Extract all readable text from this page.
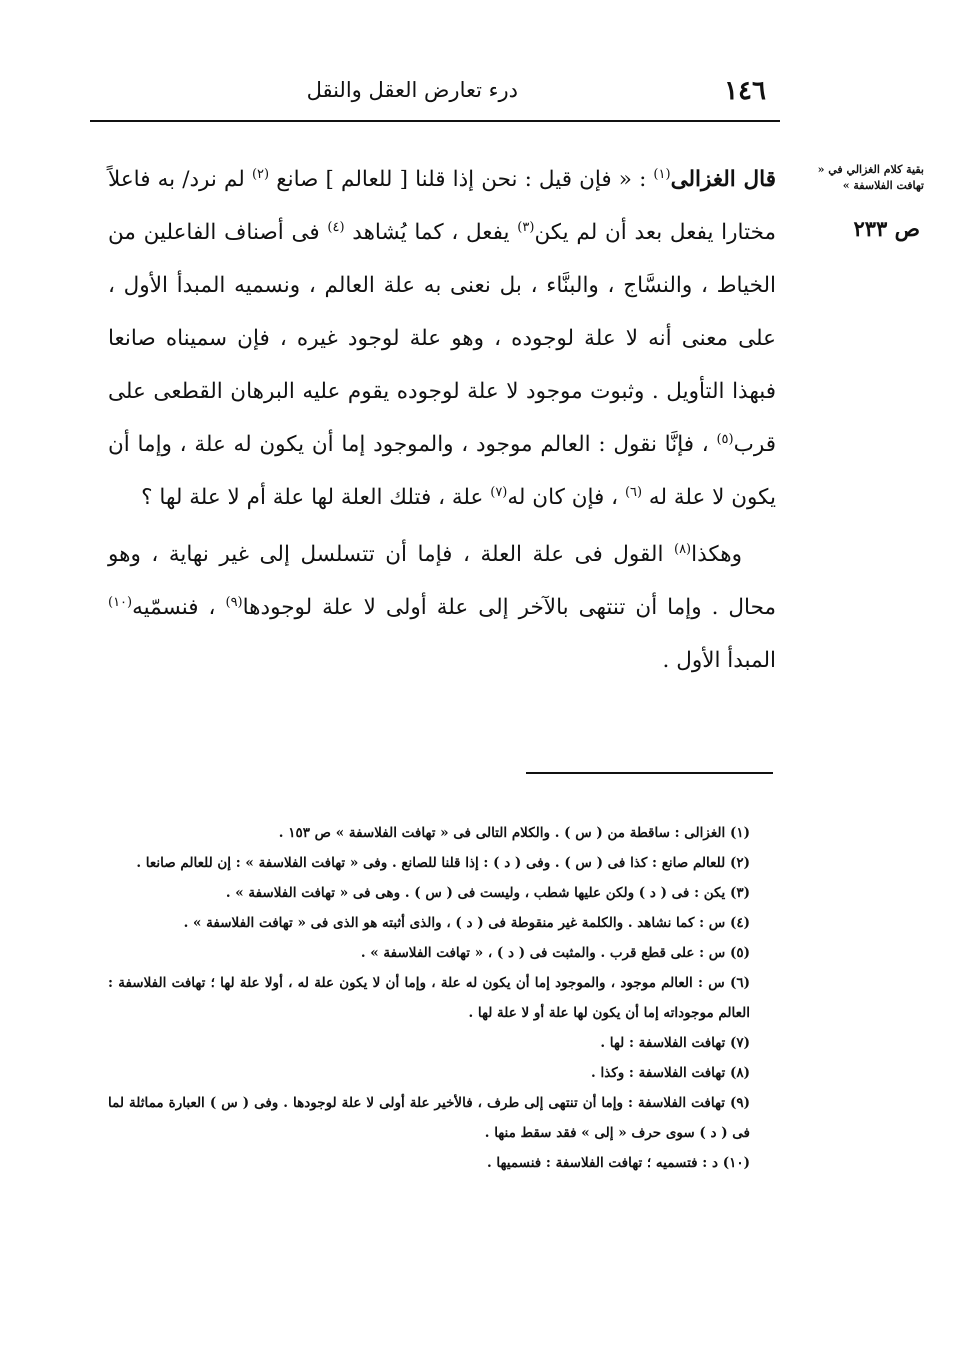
١٤٦
درء تعارض العقل والنقل
بقية كلام الغزالي في « تهافت الفلاسفة »
ص ٢٣٣

قال الغزالى$^{(١)}$ : « فإن قيل : نحن إذا قلنا [ للعالم ] صانع $^{(٢)}$ لم نرد/ به فاعلاً مختارا يفعل بعد أن لم يكن$^{(٣)}$ يفعل ، كما يُشاهد $^{(٤)}$ فى أصناف الفاعلين من الخياط ، والنسَّاج ، والبنَّاء ، بل نعنى به علة العالم ، ونسميه المبدأ الأول ، على معنى أنه لا علة لوجوده ، وهو علة لوجود غيره ، فإن سميناه صانعا فبهذا التأويل . وثبوت موجود لا علة لوجوده يقوم عليه البرهان القطعى على قرب$^{(٥)}$ ، فإنَّا نقول : العالم موجود ، والموجود إما أن يكون له علة ، وإما أن يكون لا علة له $^{(٦)}$ ، فإن كان له$^{(٧)}$ علة ، فتلك العلة لها علة أم لا علة لها ؟

وهكذا$^{(٨)}$ القول فى علة العلة ، فإما أن تتسلسل إلى غير نهاية ، وهو محال . وإما أن تنتهى بالآخر إلى علة أولى لا علة لوجودها$^{(٩)}$ ، فنسمّيه$^{(١٠)}$ المبدأ الأول .

(١) الغزالى : ساقطة من ( س ) . والكلام التالى فى « تهافت الفلاسفة » ص ١٥٣ .

(٢) للعالم صانع : كذا فى ( س ) . وفى ( د ) : إذا قلنا للصانع . وفى « تهافت الفلاسفة » : إن للعالم صانعا .

(٣) يكن : فى ( د ) ولكن عليها شطب ، وليست فى ( س ) . وهى فى « تهافت الفلاسفة » .

(٤) س : كما نشاهد . والكلمة غير منقوطة فى ( د ) ، والذى أثبته هو الذى فى « تهافت الفلاسفة » .

(٥) س : على قطع قرب . والمثبت فى ( د ) ، « تهافت الفلاسفة » .

(٦) س : العالم موجود ، والموجود إما أن يكون له علة ، وإما أن لا يكون علة له ، أولا علة لها ؛ تهافت الفلاسفة : العالم موجوداته إما أن يكون لها علة أو لا علة لها .

(٧) تهافت الفلاسفة : لها .

(٨) تهافت الفلاسفة : وكذا .

(٩) تهافت الفلاسفة : وإما أن تنتهى إلى طرف ، فالأخير علة أولى لا علة لوجودها . وفى ( س ) العبارة مماثلة لما فى ( د ) سوى حرف « إلى » فقد سقط منها .

(١٠) د : فتسميه ؛ تهافت الفلاسفة : فنسميها .
